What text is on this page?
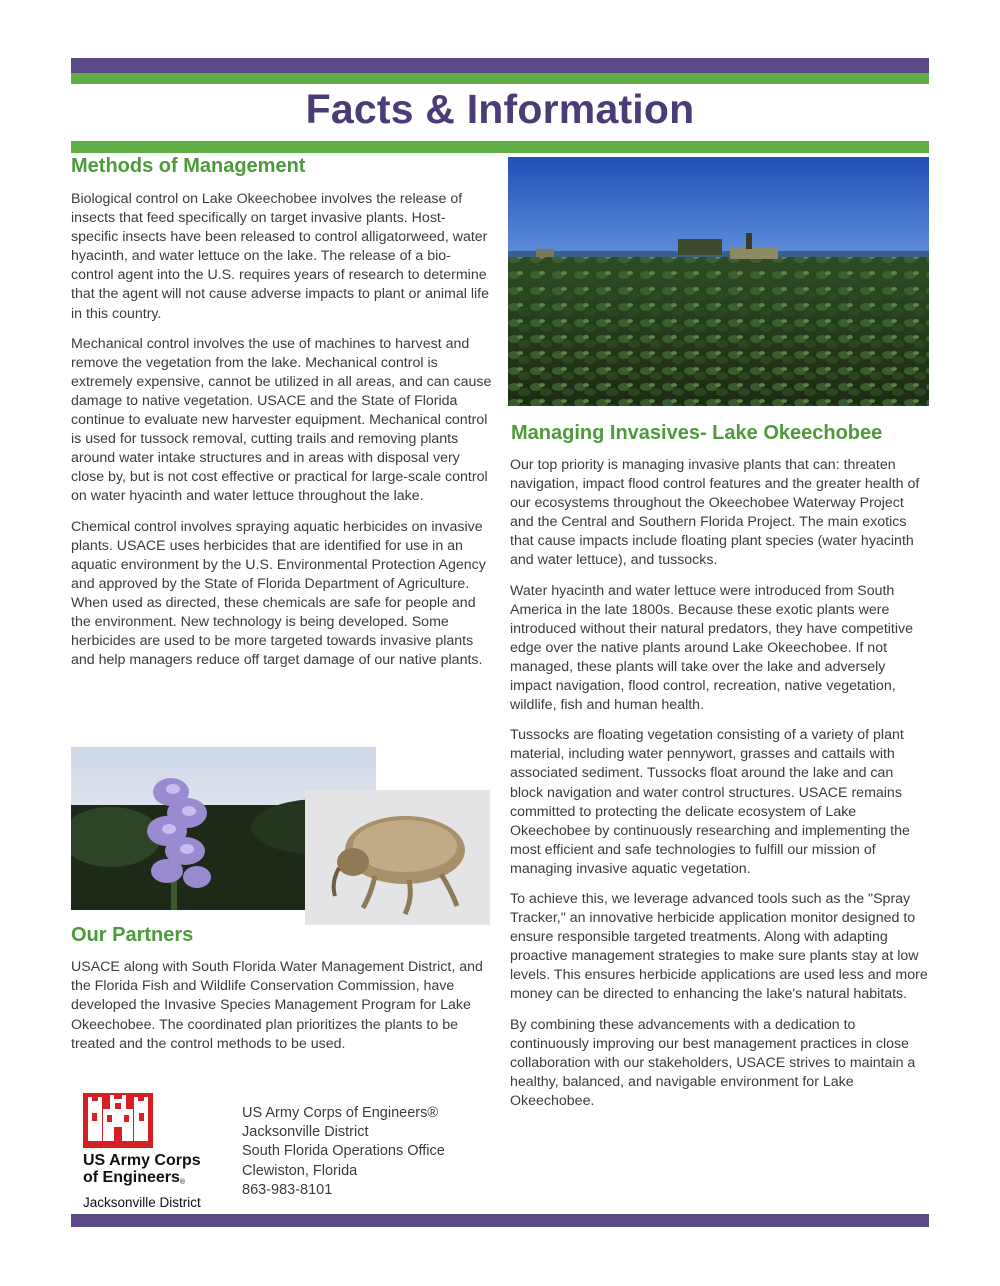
Facts & Information
Methods of Management

Biological control on Lake Okeechobee involves the release of insects that feed specifically on target invasive plants. Host-specific insects have been released to control alligatorweed, water hyacinth, and water lettuce on the lake. The release of a bio-control agent into the U.S. requires years of research to determine that the agent will not cause adverse impacts to plant or animal life in this country.

Mechanical control involves the use of machines to harvest and remove the vegetation from the lake. Mechanical control is extremely expensive, cannot be utilized in all areas, and can cause damage to native vegetation. USACE and the State of Florida continue to evaluate new harvester equipment. Mechanical control is used for tussock removal, cutting trails and removing plants around water intake structures and in areas with disposal very close by, but is not cost effective or practical for large-scale control on water hyacinth and water lettuce throughout the lake.

Chemical control involves spraying aquatic herbicides on invasive plants. USACE uses herbicides that are identified for use in an aquatic environment by the U.S. Environmental Protection Agency and approved by the State of Florida Department of Agriculture. When used as directed, these chemicals are safe for people and the environment. New technology is being developed. Some herbicides are used to be more targeted towards invasive plants and help managers reduce off target damage of our native plants.

Managing Invasives- Lake Okeechobee

Our top priority is managing invasive plants that can: threaten navigation, impact flood control features and the greater health of our ecosystems throughout the Okeechobee Waterway Project and the Central and Southern Florida Project. The main exotics that cause impacts include floating plant species (water hyacinth and water lettuce), and tussocks.

Water hyacinth and water lettuce were introduced from South America in the late 1800s. Because these exotic plants were introduced without their natural predators, they have competitive edge over the native plants around Lake Okeechobee. If not managed, these plants will take over the lake and adversely impact navigation, flood control, recreation, native vegetation, wildlife, fish and human health.

Tussocks are floating vegetation consisting of a variety of plant material, including water pennywort, grasses and cattails with associated sediment. Tussocks float around the lake and can block navigation and water control structures. USACE remains committed to protecting the delicate ecosystem of Lake Okeechobee by continuously researching and implementing the most efficient and safe technologies to fulfill our mission of managing invasive aquatic vegetation.

To achieve this, we leverage advanced tools such as the "Spray Tracker," an innovative herbicide application monitor designed to ensure responsible targeted treatments. Along with adapting proactive management strategies to make sure plants stay at low levels. This ensures herbicide applications are used less and more money can be directed to enhancing the lake's natural habitats.

By combining these advancements with a dedication to continuously improving our best management practices in close collaboration with our stakeholders, USACE strives to maintain a healthy, balanced, and navigable environment for Lake Okeechobee.

Our Partners

USACE along with South Florida Water Management District, and the Florida Fish and Wildlife Conservation Commission, have developed the Invasive Species Management Program for Lake Okeechobee. The coordinated plan prioritizes the plants to be treated and the control methods to be used.

US Army Corps
of Engineers®
Jacksonville District
US Army Corps of Engineers®
Jacksonville District
South Florida Operations Office
Clewiston, Florida
863-983-8101
